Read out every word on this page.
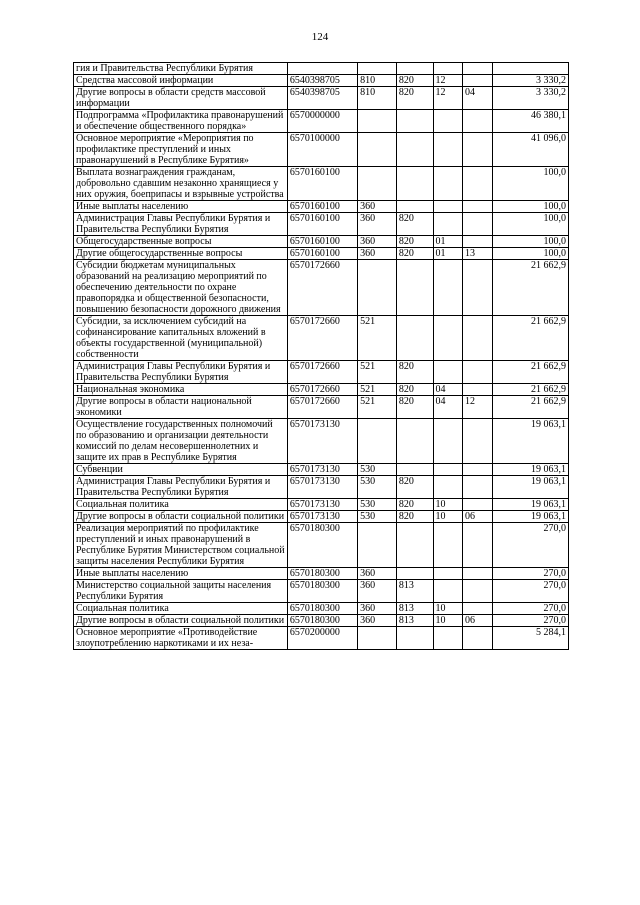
124
гия и Правительства Республики Бурятия						
Средства массовой информации	6540398705	810	820	12		3 330,2
Другие вопросы в области средств массовой информации	6540398705	810	820	12	04	3 330,2
Подпрограмма «Профилактика правонарушений и обеспечение общественного порядка»	6570000000					46 380,1
Основное мероприятие «Мероприятия по профилактике преступлений и иных правонарушений в Республике Бурятия»	6570100000					41 096,0
Выплата вознаграждения гражданам, добровольно сдавшим незаконно хранящиеся у них оружия, боеприпасы и взрывные устройства	6570160100					100,0
Иные выплаты населению	6570160100	360				100,0
Администрация Главы Республики Бурятия и Правительства Республики Бурятия	6570160100	360	820			100,0
Общегосударственные вопросы	6570160100	360	820	01		100,0
Другие общегосударственные вопросы	6570160100	360	820	01	13	100,0
Субсидии бюджетам муниципальных образований на реализацию мероприятий по обеспечению деятельности по охране правопорядка и общественной безопасности, повышению безопасности дорожного движения	6570172660					21 662,9
Субсидии, за исключением субсидий на софинансирование капитальных вложений в объекты государственной (муниципальной) собственности	6570172660	521				21 662,9
Администрация Главы Республики Бурятия и Правительства Республики Бурятия	6570172660	521	820			21 662,9
Национальная экономика	6570172660	521	820	04		21 662,9
Другие вопросы в области национальной экономики	6570172660	521	820	04	12	21 662,9
Осуществление государственных полномочий по образованию и организации деятельности комиссий по делам несовершеннолетних и защите их прав в Республике Бурятия	6570173130					19 063,1
Субвенции	6570173130	530				19 063,1
Администрация Главы Республики Бурятия и Правительства Республики Бурятия	6570173130	530	820			19 063,1
Социальная политика	6570173130	530	820	10		19 063,1
Другие вопросы в области социальной политики	6570173130	530	820	10	06	19 063,1
Реализация мероприятий по профилактике преступлений и иных правонарушений в Республике Бурятия Министерством социальной защиты населения Республики Бурятия	6570180300					270,0
Иные выплаты населению	6570180300	360				270,0
Министерство социальной защиты населения Республики Бурятия	6570180300	360	813			270,0
Социальная политика	6570180300	360	813	10		270,0
Другие вопросы в области социальной политики	6570180300	360	813	10	06	270,0
Основное мероприятие «Противодействие злоупотреблению наркотиками и их неза-	6570200000					5 284,1
